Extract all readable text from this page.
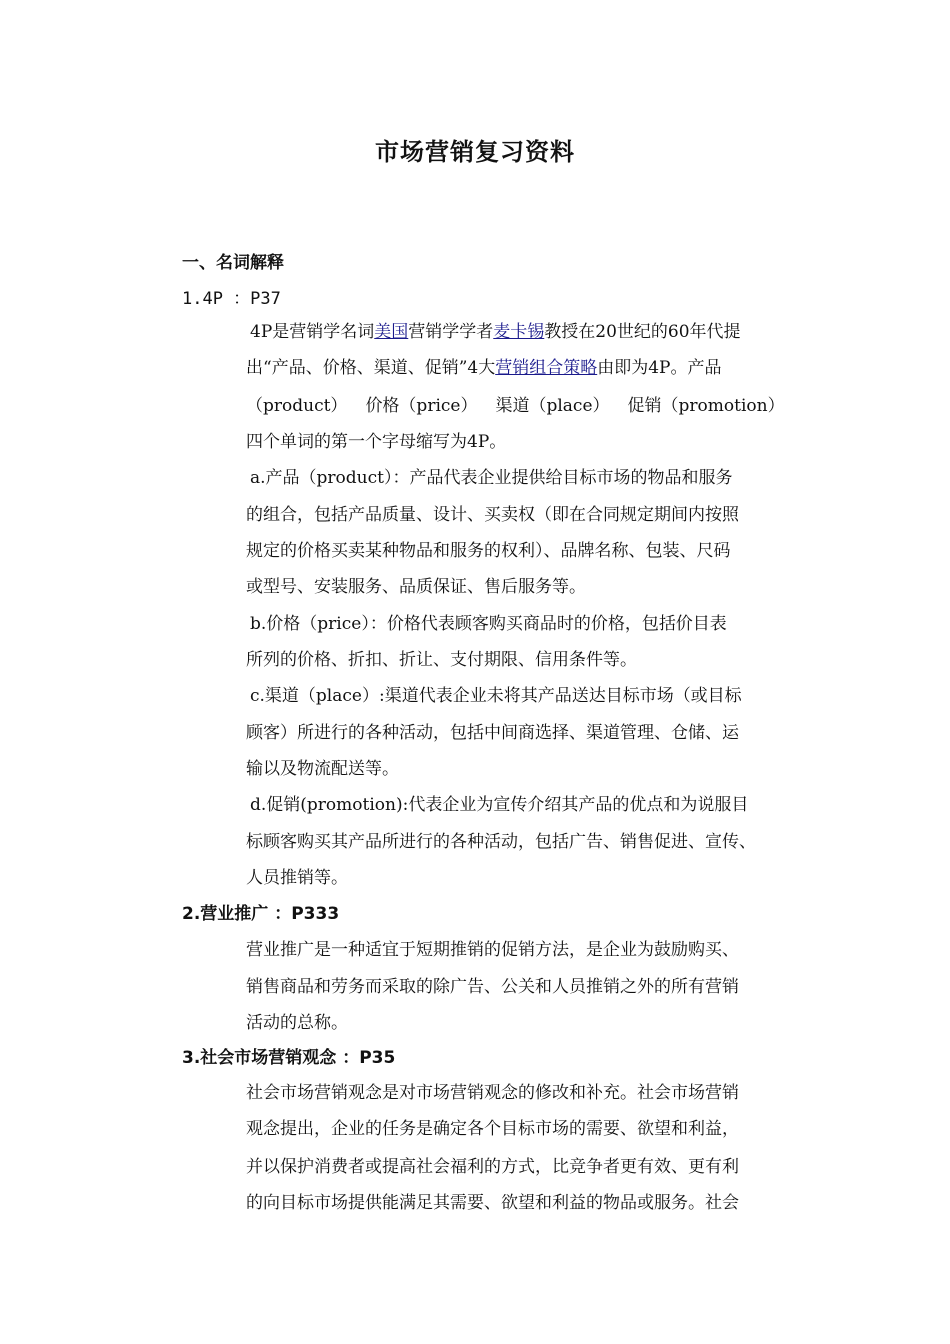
市场营销复习资料
一、名词解释
1.4P ：P37
4P是营销学名词美国营销学学者麦卡锡教授在20世纪的60年代提
出“产品、价格、渠道、促销”4大营销组合策略由即为4P。产品
（product） 价格（price） 渠道（place） 促销（promotion）
四个单词的第一个字母缩写为4P。
a.产品（product）：产品代表企业提供给目标市场的物品和服务
的组合，包括产品质量、设计、买卖权（即在合同规定期间内按照
规定的价格买卖某种物品和服务的权利）、品牌名称、包装、尺码
或型号、安装服务、品质保证、售后服务等。
b.价格（price）：价格代表顾客购买商品时的价格，包括价目表
所列的价格、折扣、折让、支付期限、信用条件等。
c.渠道（place）:渠道代表企业未将其产品送达目标市场（或目标
顾客）所进行的各种活动，包括中间商选择、渠道管理、仓储、运
输以及物流配送等。
d.促销(promotion):代表企业为宣传介绍其产品的优点和为说服目
标顾客购买其产品所进行的各种活动，包括广告、销售促进、宣传、
人员推销等。
2.营业推广 ：P333
营业推广是一种适宜于短期推销的促销方法，是企业为鼓励购买、
销售商品和劳务而采取的除广告、公关和人员推销之外的所有营销
活动的总称。
3.社会市场营销观念 ：P35
社会市场营销观念是对市场营销观念的修改和补充。社会市场营销
观念提出，企业的任务是确定各个目标市场的需要、欲望和利益，
并以保护消费者或提高社会福利的方式，比竞争者更有效、更有利
的向目标市场提供能满足其需要、欲望和利益的物品或服务。社会
